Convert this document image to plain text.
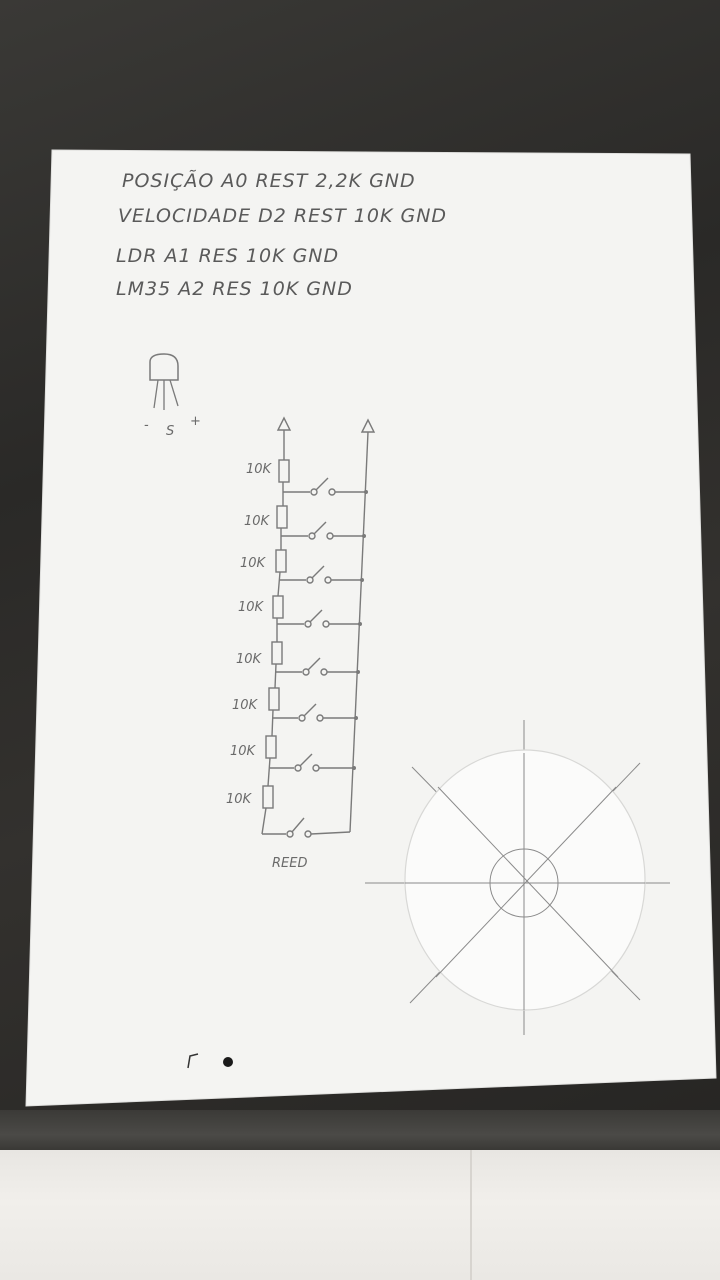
POSIÇÃO A0 REST 2,2K GND
VELOCIDADE D2 REST 10K GND
LDR A1 RES 10K GND
LM35 A2 RES 10K GND
- S
+
10K
10K
10K
10K
10K
10K
10K
10K
REED
